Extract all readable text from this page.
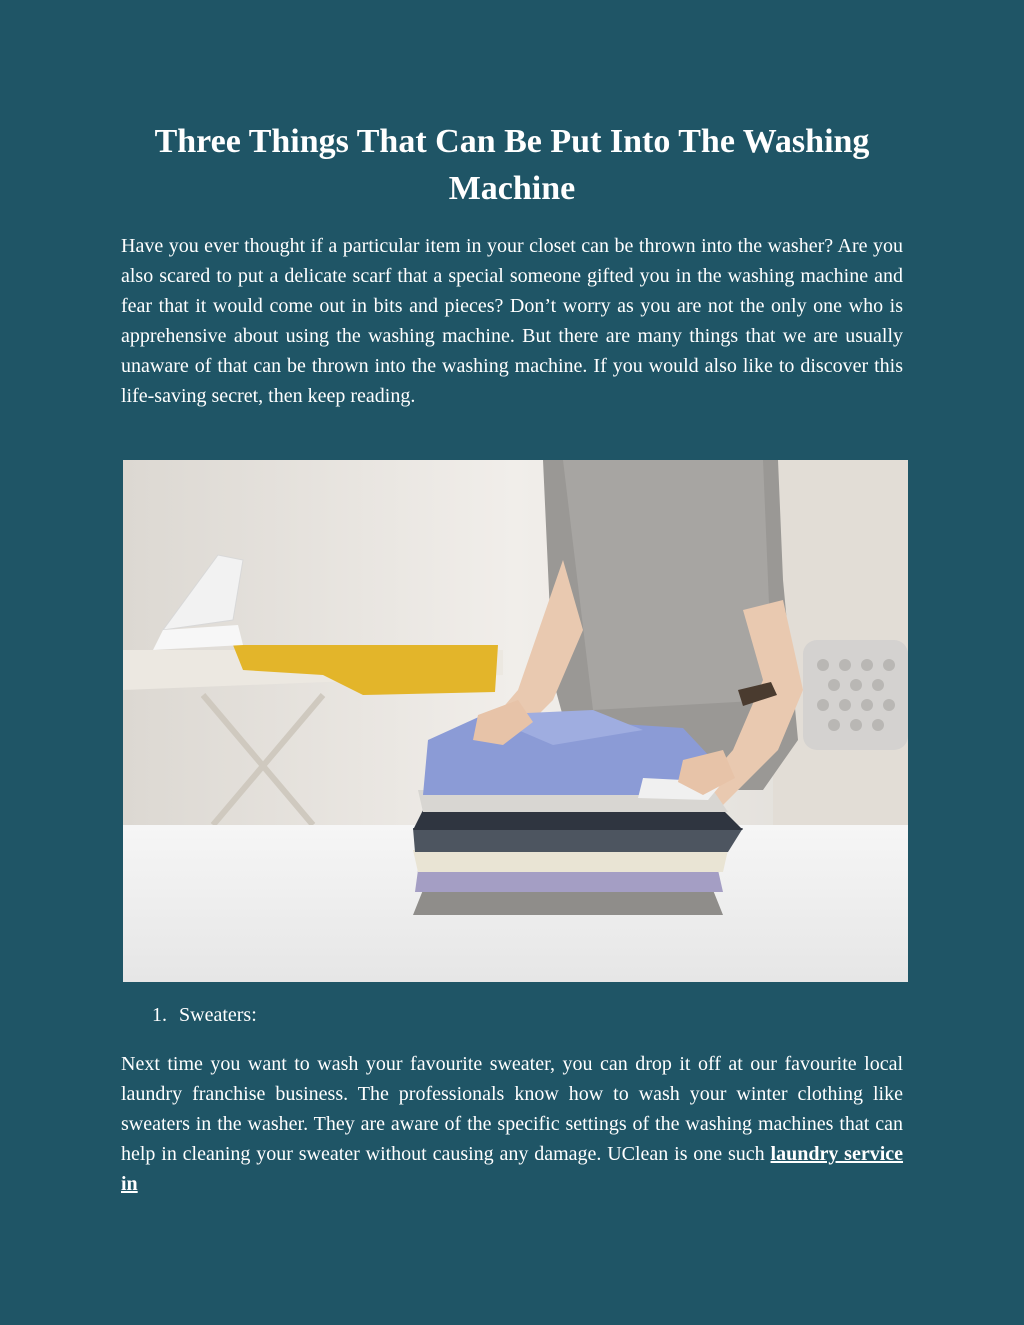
Three Things That Can Be Put Into The Washing Machine

Have you ever thought if a particular item in your closet can be thrown into the washer? Are you also scared to put a delicate scarf that a special someone gifted you in the washing machine and fear that it would come out in bits and pieces? Don’t worry as you are not the only one who is apprehensive about using the washing machine. But there are many things that we are usually unaware of that can be thrown into the washing machine. If you would also like to discover this life-saving secret, then keep reading.

1. Sweaters:

Next time you want to wash your favourite sweater, you can drop it off at our favourite local laundry franchise business. The professionals know how to wash your winter clothing like sweaters in the washer. They are aware of the specific settings of the washing machines that can help in cleaning your sweater without causing any damage. UClean is one such laundry service in
